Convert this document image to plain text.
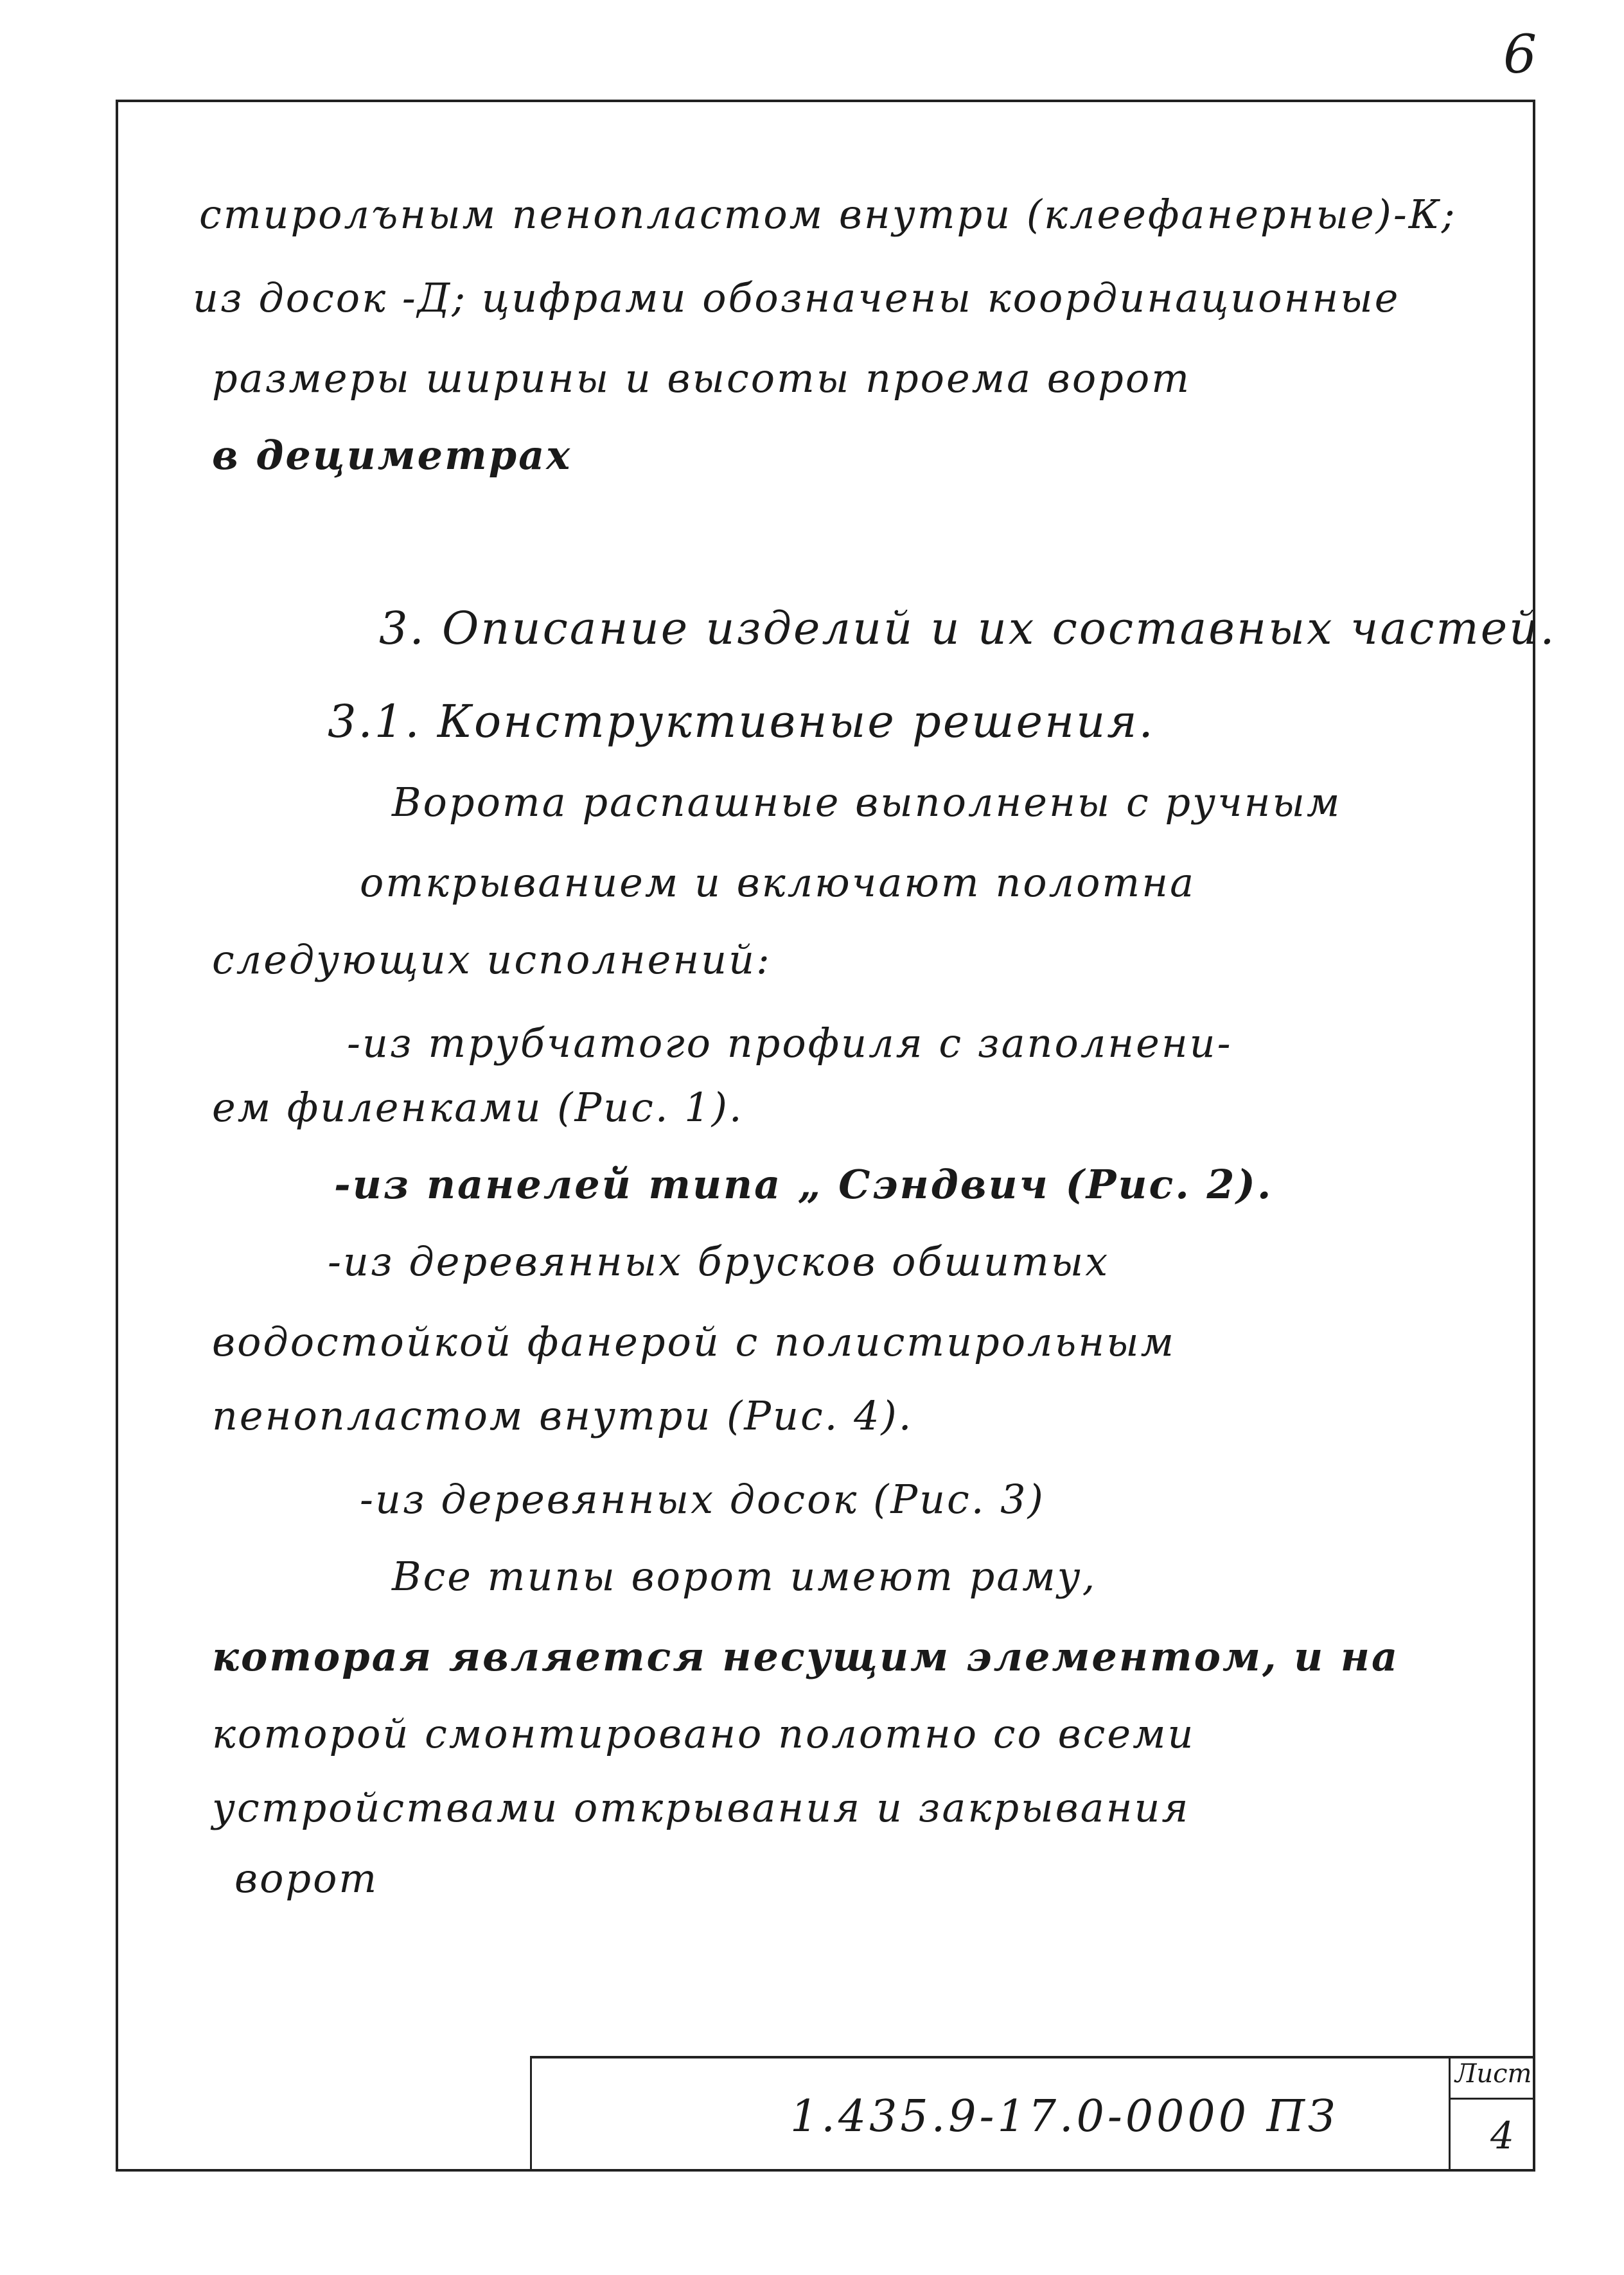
6
стиролъным пенопластом внутри (клеефанерные)-К;
из досок -Д; цифрами обозначены координационные
размеры ширины и высоты проема ворот
в дециметрах
3. Описание изделий и их составных частей.
3.1. Конструктивные решения.
Ворота распашные выполнены с ручным
открыванием и включают полотна
следующих исполнений:
-из трубчатого профиля с заполнени-
ем филенками (Рис. 1).
-из панелей типа „ Сэндвич (Рис. 2).
-из деревянных брусков обшитых
водостойкой фанерой с полистирольным
пенопластом внутри (Рис. 4).
-из деревянных досок (Рис. 3)
Все типы ворот имеют раму,
которая является несущим элементом, и на
которой смонтировано полотно со всеми
устройствами открывания и закрывания
ворот
1.435.9-17.0-0000 ПЗ
Лист
4
